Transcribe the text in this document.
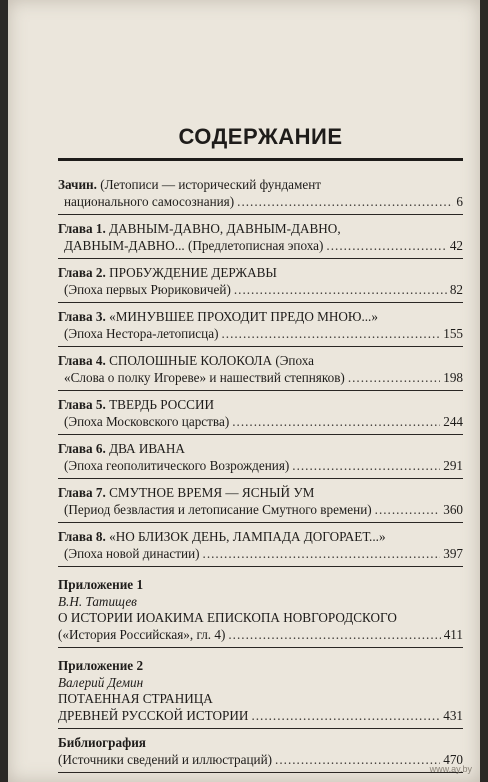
СОДЕРЖАНИЕ
Зачин. (Летописи — исторический фундамент
национального самосознания) .....	6
Глава 1. ДАВНЫМ-ДАВНО, ДАВНЫМ-ДАВНО,
ДАВНЫМ-ДАВНО... (Предлетописная эпоха) .....	42
Глава 2. ПРОБУЖДЕНИЕ ДЕРЖАВЫ
(Эпоха первых Рюриковичей) .....	82
Глава 3. «МИНУВШЕЕ ПРОХОДИТ ПРЕДО МНОЮ...»
(Эпоха Нестора-летописца) .....	155
Глава 4. СПОЛОШНЫЕ КОЛОКОЛА (Эпоха
«Слова о полку Игореве» и нашествий степняков) .....	198
Глава 5. ТВЕРДЬ РОССИИ
(Эпоха Московского царства) .....	244
Глава 6. ДВА ИВАНА
(Эпоха геополитического Возрождения) .....	291
Глава 7. СМУТНОЕ ВРЕМЯ — ЯСНЫЙ УМ
(Период безвластия и летописание Смутного времени) .....	360
Глава 8. «НО БЛИЗОК ДЕНЬ, ЛАМПАДА ДОГОРАЕТ...»
(Эпоха новой династии) .....	397
Приложение 1
В.Н. Татищев
О ИСТОРИИ ИОАКИМА ЕПИСКОПА НОВГОРОДСКОГО
(«История Российская», гл. 4) .....	411
Приложение 2
Валерий Демин
ПОТАЕННАЯ СТРАНИЦА
ДРЕВНЕЙ РУССКОЙ ИСТОРИИ .....	431
Библиография
(Источники сведений и иллюстраций) .....	470
www.ay.by
